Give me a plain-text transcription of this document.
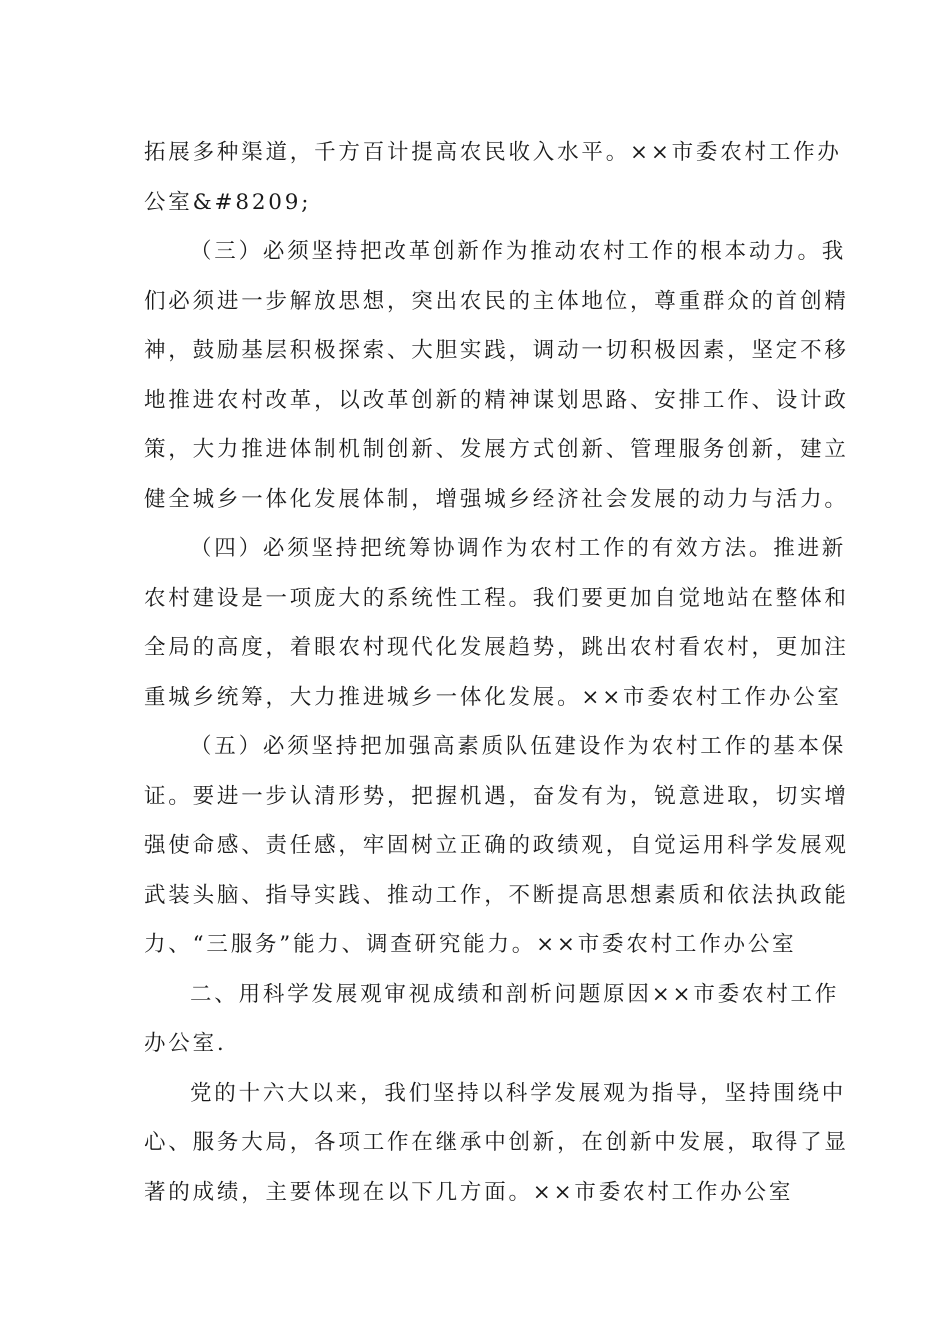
拓展多种渠道，千方百计提高农民收入水平。××市委农村工作办
公室&#8209;
（三）必须坚持把改革创新作为推动农村工作的根本动力。我
们必须进一步解放思想，突出农民的主体地位，尊重群众的首创精
神，鼓励基层积极探索、大胆实践，调动一切积极因素，坚定不移
地推进农村改革，以改革创新的精神谋划思路、安排工作、设计政
策，大力推进体制机制创新、发展方式创新、管理服务创新，建立
健全城乡一体化发展体制，增强城乡经济社会发展的动力与活力。
（四）必须坚持把统筹协调作为农村工作的有效方法。推进新
农村建设是一项庞大的系统性工程。我们要更加自觉地站在整体和
全局的高度，着眼农村现代化发展趋势，跳出农村看农村，更加注
重城乡统筹，大力推进城乡一体化发展。××市委农村工作办公室
（五）必须坚持把加强高素质队伍建设作为农村工作的基本保
证。要进一步认清形势，把握机遇，奋发有为，锐意进取，切实增
强使命感、责任感，牢固树立正确的政绩观，自觉运用科学发展观
武装头脑、指导实践、推动工作，不断提高思想素质和依法执政能
力、“三服务”能力、调查研究能力。××市委农村工作办公室
二、用科学发展观审视成绩和剖析问题原因××市委农村工作
办公室.
党的十六大以来，我们坚持以科学发展观为指导，坚持围绕中
心、服务大局，各项工作在继承中创新，在创新中发展，取得了显
著的成绩，主要体现在以下几方面。××市委农村工作办公室
